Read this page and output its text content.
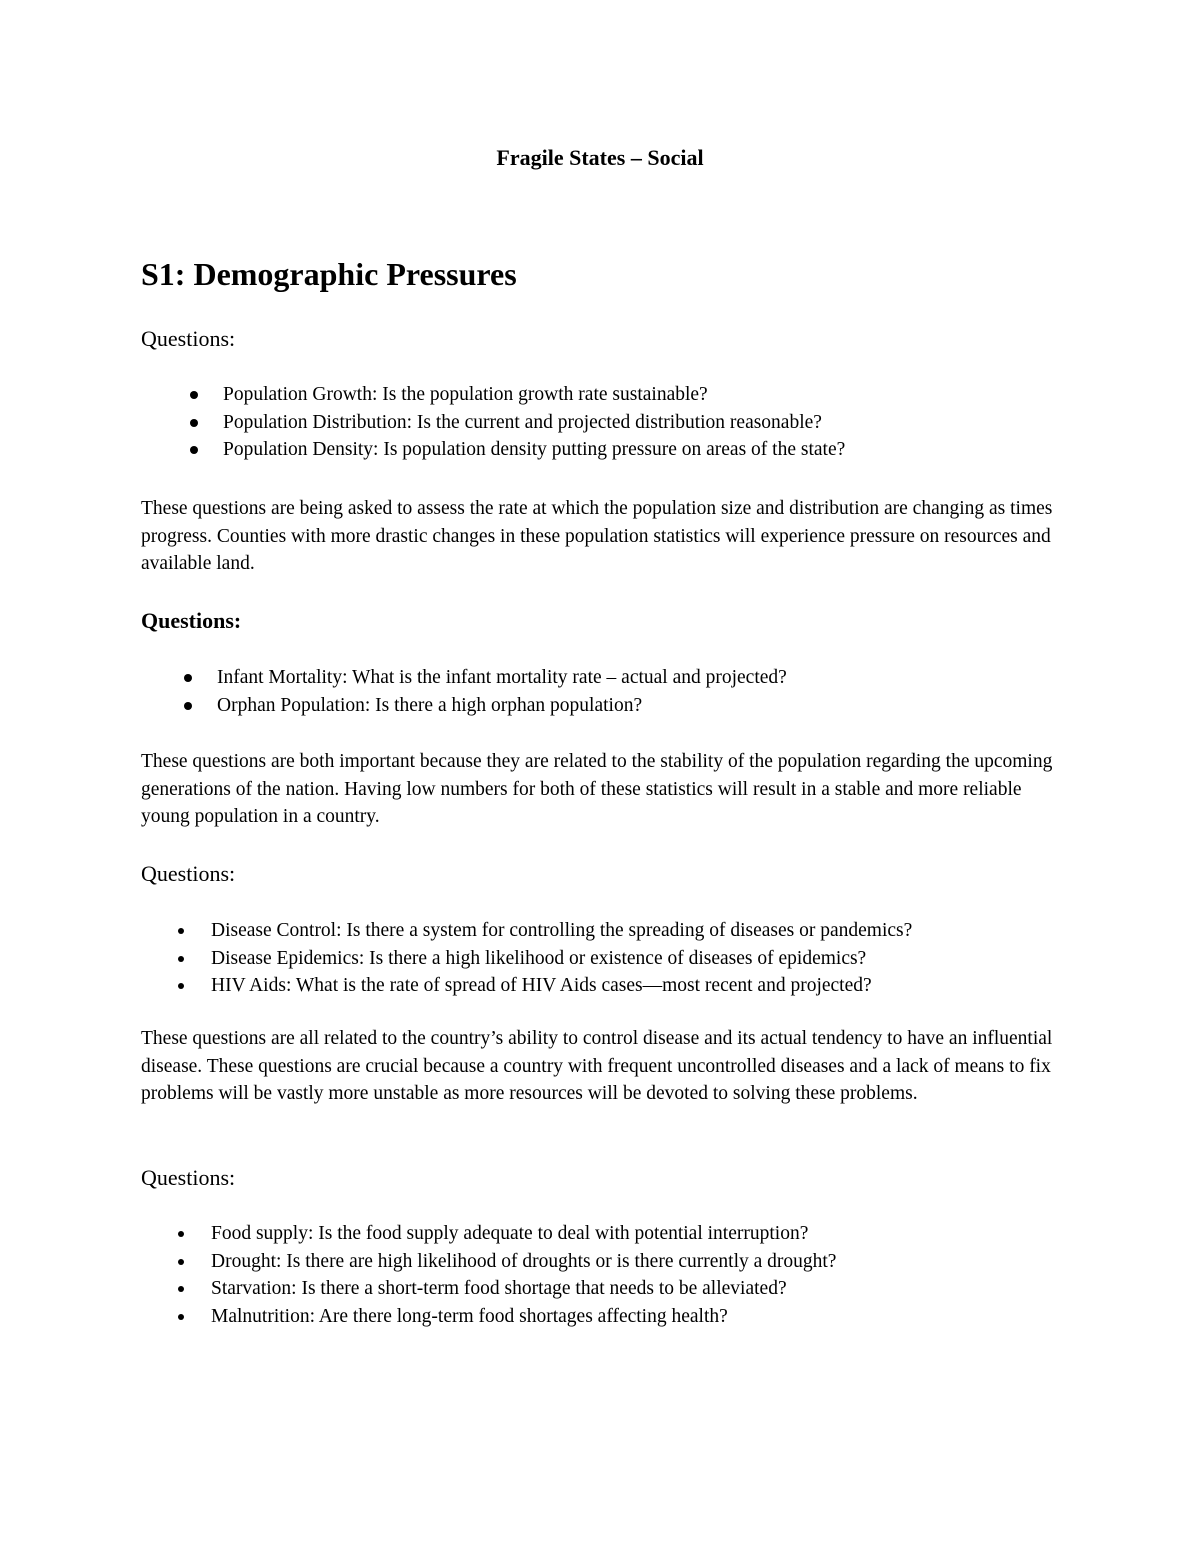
Fragile States – Social
S1: Demographic Pressures

Questions:

Population Growth: Is the population growth rate sustainable?
Population Distribution: Is the current and projected distribution reasonable?
Population Density: Is population density putting pressure on areas of the state?

These questions are being asked to assess the rate at which the population size and distribution are changing as times progress. Counties with more drastic changes in these population statistics will experience pressure on resources and available land.

Questions:

Infant Mortality: What is the infant mortality rate – actual and projected?
Orphan Population: Is there a high orphan population?

These questions are both important because they are related to the stability of the population regarding the upcoming generations of the nation. Having low numbers for both of these statistics will result in a stable and more reliable young population in a country.

Questions:

Disease Control: Is there a system for controlling the spreading of diseases or pandemics?
Disease Epidemics: Is there a high likelihood or existence of diseases of epidemics?
HIV Aids: What is the rate of spread of HIV Aids cases—most recent and projected?

These questions are all related to the country’s ability to control disease and its actual tendency to have an influential disease. These questions are crucial because a country with frequent uncontrolled diseases and a lack of means to fix problems will be vastly more unstable as more resources will be devoted to solving these problems.

Questions:

Food supply: Is the food supply adequate to deal with potential interruption?
Drought: Is there are high likelihood of droughts or is there currently a drought?
Starvation: Is there a short-term food shortage that needs to be alleviated?
Malnutrition: Are there long-term food shortages affecting health?
